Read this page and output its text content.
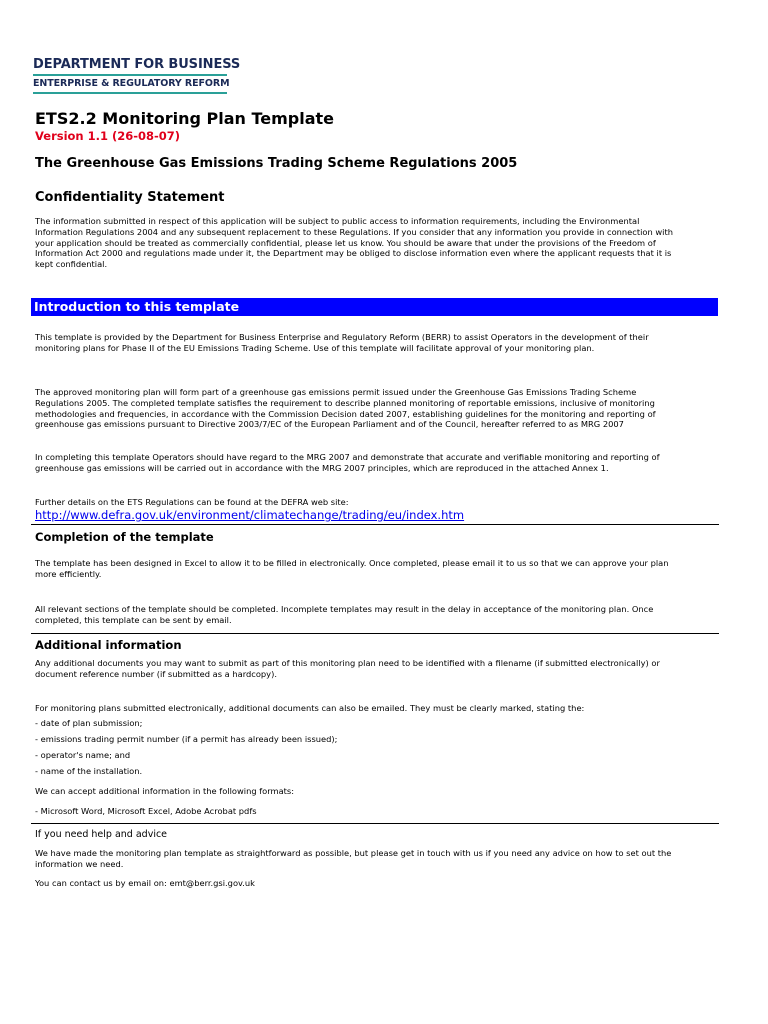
DEPARTMENT FOR BUSINESS
ENTERPRISE & REGULATORY REFORM
ETS2.2 Monitoring Plan Template
Version 1.1 (26-08-07)
The Greenhouse Gas Emissions Trading Scheme Regulations 2005
Confidentiality Statement

The information submitted in respect of this application will be subject to public access to information requirements, including the Environmental Information Regulations 2004 and any subsequent replacement to these Regulations. If you consider that any information you provide in connection with your application should be treated as commercially confidential, please let us know. You should be aware that under the provisions of the Freedom of Information Act 2000 and regulations made under it, the Department may be obliged to disclose information even where the applicant requests that it is kept confidential.

Introduction to this template
This template is provided by the Department for Business Enterprise and Regulatory Reform (BERR) to assist Operators in the development of their monitoring plans for Phase II of the EU Emissions Trading Scheme. Use of this template will facilitate approval of your monitoring plan.
The approved monitoring plan will form part of a greenhouse gas emissions permit issued under the Greenhouse Gas Emissions Trading Scheme Regulations 2005. The completed template satisfies the requirement to describe planned monitoring of reportable emissions, inclusive of monitoring methodologies and frequencies, in accordance with the Commission Decision dated 2007, establishing guidelines for the monitoring and reporting of greenhouse gas emissions pursuant to Directive 2003/7/EC of the European Parliament and of the Council, hereafter referred to as MRG 2007
In completing this template Operators should have regard to the MRG 2007 and demonstrate that accurate and verifiable monitoring and reporting of greenhouse gas emissions will be carried out in accordance with the MRG 2007 principles, which are reproduced in the attached Annex 1.
Further details on the ETS Regulations can be found at the DEFRA web site:
http://www.defra.gov.uk/environment/climatechange/trading/eu/index.htm
Completion of the template
The template has been designed in Excel to allow it to be filled in electronically. Once completed, please email it to us so that we can approve your plan more efficiently.
All relevant sections of the template should be completed. Incomplete templates may result in the delay in acceptance of the monitoring plan. Once completed, this template can be sent by email.
Additional information
Any additional documents you may want to submit as part of this monitoring plan need to be identified with a filename (if submitted electronically) or document reference number (if submitted as a hardcopy).
For monitoring plans submitted electronically, additional documents can also be emailed. They must be clearly marked, stating the:
- date of plan submission;
- emissions trading permit number (if a permit has already been issued);
- operator's name; and
- name of the installation.
We can accept additional information in the following formats:
- Microsoft Word, Microsoft Excel, Adobe Acrobat pdfs
If you need help and advice
We have made the monitoring plan template as straightforward as possible, but please get in touch with us if you need any advice on how to set out the information we need.
You can contact us by email on: emt@berr.gsi.gov.uk
